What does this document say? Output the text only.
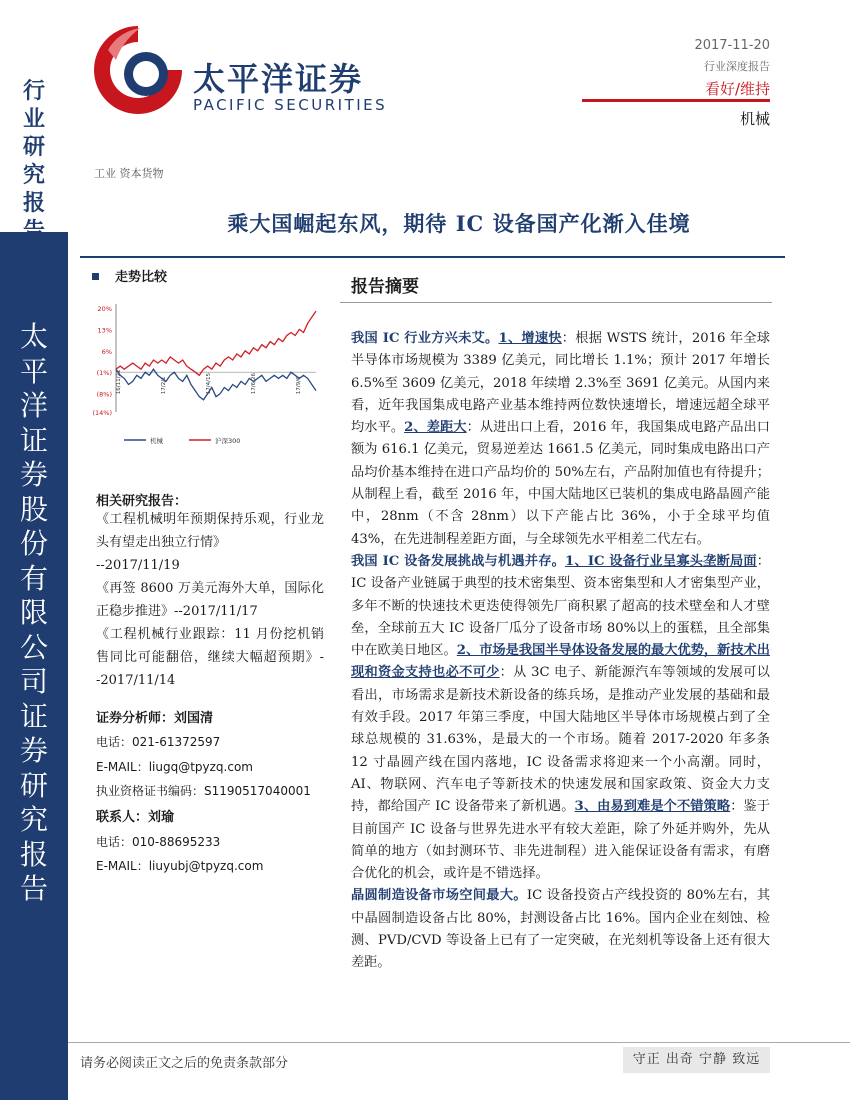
行
业
研
究
报
告
太
平
洋
证
券
股
份
有
限
公
司
证
券
研
究
报
告
太平洋证券
PACIFIC SECURITIES
2017-11-20
行业深度报告
看好/维持
机械
工业 资本货物
乘大国崛起东风，期待 IC 设备国产化渐入佳境
走势比较
20%
13%
6%
(1%)
(8%)
(14%)
16/11/21	17/2/1	17/4/15	17/6/26	17/9/6
机械	沪深300
相关研究报告：
《工程机械明年预期保持乐观，行业龙头有望走出独立行情》
--2017/11/19
《再签 8600 万美元海外大单，国际化正稳步推进》--2017/11/17
《工程机械行业跟踪：11 月份挖机销售同比可能翻倍，继续大幅超预期》--2017/11/14
证券分析师：刘国清
电话：021-61372597
E-MAIL：liugq@tpyzq.com
执业资格证书编码：S1190517040001
联系人：刘瑜
电话：010-88695233
E-MAIL：liuyubj@tpyzq.com
报告摘要

我国 IC 行业方兴未艾。1、增速快：根据 WSTS 统计，2016 年全球半导体市场规模为 3389 亿美元，同比增长 1.1%；预计 2017 年增长 6.5%至 3609 亿美元，2018 年续增 2.3%至 3691 亿美元。从国内来看，近年我国集成电路产业基本维持两位数快速增长，增速远超全球平均水平。2、差距大：从进出口上看，2016 年，我国集成电路产品出口额为 616.1 亿美元，贸易逆差达 1661.5 亿美元，同时集成电路出口产品均价基本维持在进口产品均价的 50%左右，产品附加值也有待提升；从制程上看，截至 2016 年，中国大陆地区已装机的集成电路晶圆产能中，28nm（不含 28nm）以下产能占比 36%，小于全球平均值 43%，在先进制程差距方面，与全球领先水平相差二代左右。

我国 IC 设备发展挑战与机遇并存。1、IC 设备行业呈寡头垄断局面：IC 设备产业链属于典型的技术密集型、资本密集型和人才密集型产业，多年不断的快速技术更迭使得领先厂商积累了超高的技术壁垒和人才壁垒，全球前五大 IC 设备厂瓜分了设备市场 80%以上的蛋糕，且全部集中在欧美日地区。2、市场是我国半导体设备发展的最大优势，新技术出现和资金支持也必不可少：从 3C 电子、新能源汽车等领域的发展可以看出，市场需求是新技术新设备的练兵场，是推动产业发展的基础和最有效手段。2017 年第三季度，中国大陆地区半导体市场规模占到了全球总规模的 31.63%，是最大的一个市场。随着 2017-2020 年多条 12 寸晶圆产线在国内落地，IC 设备需求将迎来一个小高潮。同时，AI、物联网、汽车电子等新技术的快速发展和国家政策、资金大力支持，都给国产 IC 设备带来了新机遇。3、由易到难是个不错策略：鉴于目前国产 IC 设备与世界先进水平有较大差距，除了外延并购外，先从简单的地方（如封测环节、非先进制程）进入能保证设备有需求，有磨合优化的机会，或许是不错选择。

晶圆制造设备市场空间最大。IC 设备投资占产线投资的 80%左右，其中晶圆制造设备占比 80%，封测设备占比 16%。国内企业在刻蚀、检测、PVD/CVD 等设备上已有了一定突破，在光刻机等设备上还有很大差距。

请务必阅读正文之后的免责条款部分	守正 出奇 宁静 致远
